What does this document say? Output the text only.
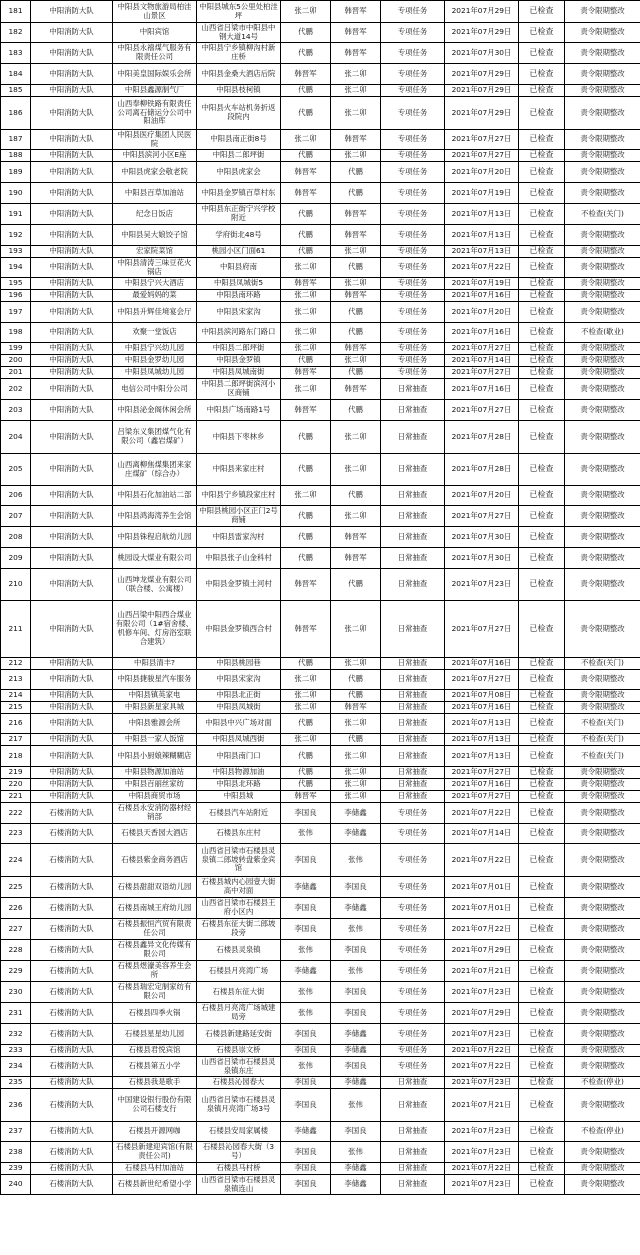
181	中阳消防大队	中阳县文物旅游局柏洼山景区	中阳县城东5公里处柏洼坪	张二卯	韩晋军	专项任务	2021年07月29日	已检查	责令限期整改
182	中阳消防大队	中阳宾馆	山西省吕梁市中阳县中钢大道14号	代鹏	韩晋军	专项任务	2021年07月29日	已检查	责令限期整改
183	中阳消防大队	中阳县永禧煤气服务有限责任公司	中阳县宁乡镇柳沟村新庄桥	代鹏	韩晋军	专项任务	2021年07月30日	已检查	责令限期整改
184	中阳消防大队	中阳美皇国际娱乐会所	中阳县金桑大酒店后院	韩晋军	张二卯	专项任务	2021年07月29日	已检查	责令限期整改
185	中阳消防大队	中阳县鑫源制气厂	中阳县枝柯镇	代鹏	张二卯	专项任务	2021年07月29日	已检查	责令限期整改
186	中阳消防大队	山西奉柳铁路有限责任公司离石储运分公司中阳油库	中阳县火车站机务折返段院内	代鹏	张二卯	专项任务	2021年07月29日	已检查	责令限期整改
187	中阳消防大队	中阳县医疗集团人民医院	中阳县南正街8号	张二卯	韩晋军	专项任务	2021年07月27日	已检查	责令限期整改
188	中阳消防大队	中阳县滨河小区E座	中阳县二郎坪街	代鹏	张二卯	专项任务	2021年07月27日	已检查	责令限期整改
189	中阳消防大队	中阳县虎家会敬老院	中阳县虎家会	韩晋军	代鹏	专项任务	2021年07月20日	已检查	责令限期整改
190	中阳消防大队	中阳县百草加油站	中阳县金罗镇百草村东	韩晋军	代鹏	专项任务	2021年07月19日	已检查	责令限期整改
191	中阳消防大队	纪念日饭店	中阳县东正街宁兴学校附近	代鹏	韩晋军	专项任务	2021年07月13日	已检查	不检查(关门)
192	中阳消防大队	中阳县吴大娘饺子馆	学府街北48号	代鹏	韩晋军	专项任务	2021年07月13日	已检查	责令限期整改
193	中阳消防大队	宏家院菜馆	桃园小区门面61	代鹏	张二卯	专项任务	2021年07月13日	已检查	责令限期整改
194	中阳消防大队	中阳县清涛三味豆花火锅店	中阳县府南	张二卯	代鹏	专项任务	2021年07月22日	已检查	责令限期整改
195	中阳消防大队	中阳县宁兴大酒店	中阳县凤城街5	韩晋军	张二卯	专项任务	2021年07月19日	已检查	责令限期整改
196	中阳消防大队	最爱妈妈的菜	中阳县南环路	张二卯	韩晋军	专项任务	2021年07月16日	已检查	责令限期整改
197	中阳消防大队	中阳县升辉佳境宴会厅	中阳县宋家沟	张二卯	代鹏	专项任务	2021年07月20日	已检查	责令限期整改
198	中阳消防大队	欢聚一堂饭店	中阳县滨河路东门路口	张二卯	代鹏	专项任务	2021年07月16日	已检查	不检查(歇业)
199	中阳消防大队	中阳县宁兴幼儿园	中阳县二郎坪街	张二卯	韩晋军	专项任务	2021年07月27日	已检查	责令限期整改
200	中阳消防大队	中阳县金罗幼儿园	中阳县金罗镇	代鹏	张二卯	专项任务	2021年07月14日	已检查	责令限期整改
201	中阳消防大队	中阳县凤城幼儿园	中阳县凤城南街	韩晋军	代鹏	专项任务	2021年07月27日	已检查	责令限期整改
202	中阳消防大队	电信公司中阳分公司	中阳县二郎坪街滨河小区商铺	张二卯	韩晋军	日常抽查	2021年07月16日	已检查	责令限期整改
203	中阳消防大队	中阳县泌金阁休闲会所	中阳县广场南路1号	韩晋军	代鹏	日常抽查	2021年07月27日	已检查	责令限期整改
204	中阳消防大队	吕梁东义集团煤气化有限公司（鑫岩煤矿）	中阳县下枣林乡	代鹏	张二卯	日常抽查	2021年07月28日	已检查	责令限期整改
205	中阳消防大队	山西离柳焦煤集团来家庄煤矿（综合办）	中阳县来家庄村	代鹏	张二卯	日常抽查	2021年07月28日	已检查	责令限期整改
206	中阳消防大队	中阳县石化加油站二部	中阳县宁乡镇段家庄村	张二卯	代鹏	日常抽查	2021年07月20日	已检查	责令限期整改
207	中阳消防大队	中阳县鸿海湾养生会馆	中阳县桃园小区正门2号商铺	代鹏	张二卯	日常抽查	2021年07月27日	已检查	责令限期整改
208	中阳消防大队	中阳县铢程启航幼儿园	中阳县雷家沟村	代鹏	韩晋军	日常抽查	2021年07月30日	已检查	责令限期整改
209	中阳消防大队	桃园设大煤业有限公司	中阳县张子山金科村	代鹏	韩晋军	日常抽查	2021年07月30日	已检查	责令限期整改
210	中阳消防大队	山西坤龙煤业有限公司（联合楼、公寓楼）	中阳县金罗镇土河村	韩晋军	代鹏	日常抽查	2021年07月23日	已检查	责令限期整改
211	中阳消防大队	山西吕梁中阳西合煤业有限公司（1#宿舍楼、机修车间、灯房浴室联合建筑）	中阳县金罗镇西合村	韩晋军	张二卯	日常抽查	2021年07月27日	已检查	责令限期整改
212	中阳消防大队	中阳县清丰?	中阳县桃园巷	代鹏	张二卯	日常抽查	2021年07月16日	已检查	不检查(关门)
213	中阳消防大队	中阳县捷骏星汽车服务	中阳县宋家沟	张二卯	代鹏	日常抽查	2021年07月27日	已检查	责令限期整改
214	中阳消防大队	中阳县镇英家电	中阳县北正街	张二卯	代鹏	日常抽查	2021年07月08日	已检查	责令限期整改
215	中阳消防大队	中阳县新星家具城	中阳县凤城街	张二卯	韩晋军	日常抽查	2021年07月16日	已检查	责令限期整改
216	中阳消防大队	中阳县雅源会所	中阳县中兴广场对面	代鹏	张二卯	日常抽查	2021年07月13日	已检查	不检查(关门)
217	中阳消防大队	中阳县一家人饭馆	中阳县凤城西街	张二卯	代鹏	日常抽查	2021年07月13日	已检查	不检查(关门)
218	中阳消防大队	中阳县小厨娘辣糊糊店	中阳县南门口	代鹏	张二卯	日常抽查	2021年07月13日	已检查	不检查(关门)
219	中阳消防大队	中阳县物源加油站	中阳县物源加油	代鹏	张二卯	日常抽查	2021年07月27日	已检查	责令限期整改
220	中阳消防大队	中阳县百丽丝家纺	中阳县北环路	代鹏	张二卯	日常抽查	2021年07月16日	已检查	责令限期整改
221	中阳消防大队	中阳县商贸市场	中阳县城	韩晋军	张二卯	日常抽查	2021年07月27日	已检查	责令限期整改
222	石楼消防大队	石楼县永安消防器材经销部	石楼县汽车站附近	李国良	李储鑫	专项任务	2021年07月22日	已检查	责令限期整改
223	石楼消防大队	石楼县天香园大酒店	石楼县东庄村	张伟	李储鑫	专项任务	2021年07月14日	已检查	责令限期整改
224	石楼消防大队	石楼县紫金商务酒店	山西省吕梁市石楼县灵泉镇二郎坡转盘紫金宾馆	李国良	张伟	专项任务	2021年07月22日	已检查	责令限期整改
225	石楼消防大队	石楼县甜甜双语幼儿园	石楼县城内心园壹大街高中对面	李储鑫	李国良	专项任务	2021年07月01日	已检查	责令限期整改
226	石楼消防大队	石楼县南城王府幼儿园	山西省吕梁市石楼县王府小区内	李国良	李储鑫	专项任务	2021年07月01日	已检查	责令限期整改
227	石楼消防大队	石楼县振恒汽贸有限责任公司	石楼县东征大街二郎坡段旁	李国良	张伟	专项任务	2021年07月22日	已检查	责令限期整改
228	石楼消防大队	石楼县鑫异文化传媒有限公司	石楼县灵泉镇	张伟	李国良	专项任务	2021年07月29日	已检查	责令限期整改
229	石楼消防大队	石楼县煜濠美容养生会所	石楼县月亮湾广场	李储鑫	张伟	专项任务	2021年07月21日	已检查	责令限期整改
230	石楼消防大队	石楼县瑞宏定制家纺有限公司	石楼县东征大街	张伟	李国良	专项任务	2021年07月23日	已检查	责令限期整改
231	石楼消防大队	石楼县四季火锅	石楼县月亮湾广场城建局旁	张伟	李国良	专项任务	2021年07月29日	已检查	责令限期整改
232	石楼消防大队	石楼县星星幼儿园	石楼县新建路延安街	李国良	李储鑫	专项任务	2021年07月23日	已检查	责令限期整改
233	石楼消防大队	石楼县君悦宾馆	石楼县崇文桥	李国良	李储鑫	专项任务	2021年07月22日	已检查	责令限期整改
234	石楼消防大队	石楼县第五小学	山西省吕梁市石楼县灵泉镇东庄	张伟	李国良	专项任务	2021年07月22日	已检查	责令限期整改
235	石楼消防大队	石楼县我是歌手	石楼县沁园春大	李国良	李储鑫	日常抽查	2021年07月23日	已检查	不检查(停业)
236	石楼消防大队	中国建设银行股份有限公司石楼支行	山西省吕梁市石楼县灵泉镇月亮湾广场3号	李国良	张伟	日常抽查	2021年07月21日	已检查	责令限期整改
237	石楼消防大队	石楼县开源网咖	石楼县安局家属楼	李储鑫	李国良	日常抽查	2021年07月23日	已检查	不检查(停业)
238	石楼消防大队	石楼县新建迎宾馆(有限责任公司)	石楼县沁园春大街（3号）	李国良	张伟	日常抽查	2021年07月23日	已检查	责令限期整改
239	石楼消防大队	石楼县马村加油站	石楼县马村桥	李国良	李储鑫	日常抽查	2021年07月22日	已检查	责令限期整改
240	石楼消防大队	石楼县新世纪希望小学	山西省吕梁市石楼县灵泉镇连山	李国良	李储鑫	日常抽查	2021年07月23日	已检查	责令限期整改
